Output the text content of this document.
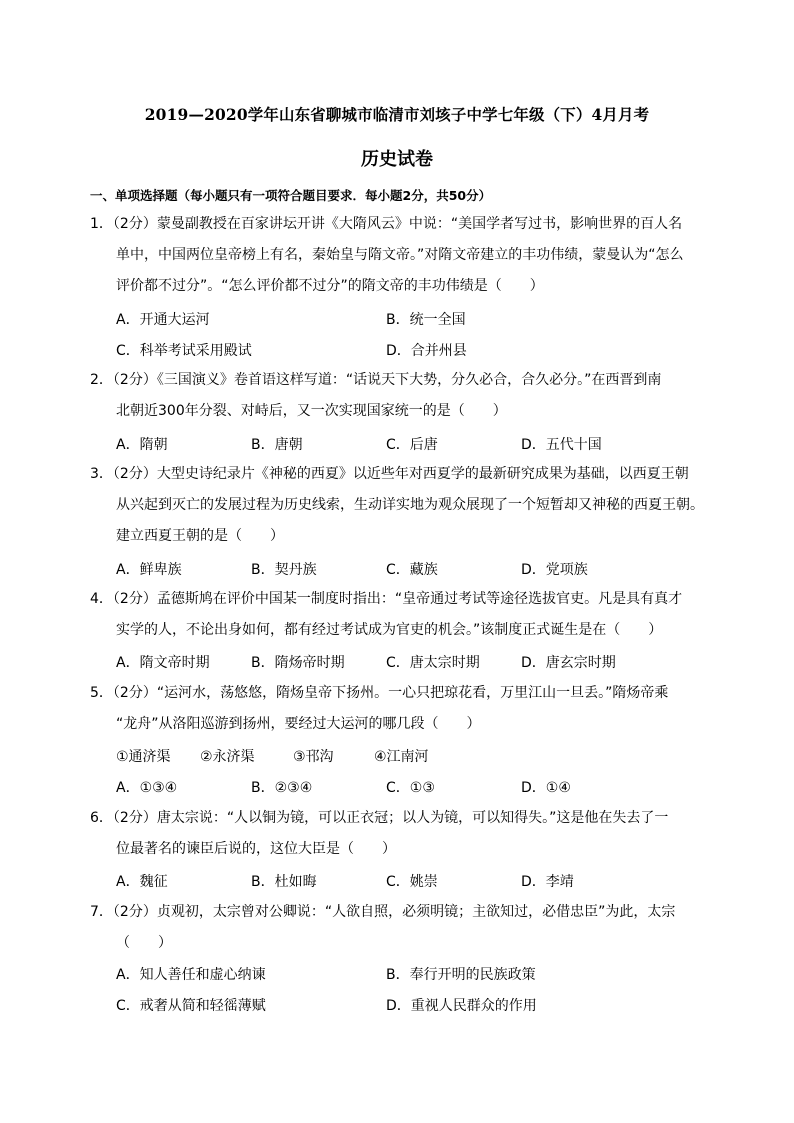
2019—2020学年山东省聊城市临清市刘垓子中学七年级（下）4月月考
历史试卷
一、单项选择题（每小题只有一项符合题目要求．每小题2分，共50分）
1．（2分）蒙曼副教授在百家讲坛开讲《大隋风云》中说：“美国学者写过书，影响世界的百人名
单中，中国两位皇帝榜上有名，秦始皇与隋文帝。”对隋文帝建立的丰功伟绩，蒙曼认为“怎么
评价都不过分”。“怎么评价都不过分”的隋文帝的丰功伟绩是（　　）
A．开通大运河	B．统一全国
C．科举考试采用殿试	D．合并州县
2．（2分）《三国演义》卷首语这样写道：“话说天下大势，分久必合，合久必分。”在西晋到南
北朝近300年分裂、对峙后，又一次实现国家统一的是（　　）
A．隋朝	B．唐朝	C．后唐	D．五代十国
3．（2分）大型史诗纪录片《神秘的西夏》以近些年对西夏学的最新研究成果为基础，以西夏王朝
从兴起到灭亡的发展过程为历史线索，生动详实地为观众展现了一个短暂却又神秘的西夏王朝。
建立西夏王朝的是（　　）
A．鲜卑族	B．契丹族	C．藏族	D．党项族
4．（2分）孟德斯鸠在评价中国某一制度时指出：“皇帝通过考试等途径选拔官吏。凡是具有真才
实学的人，不论出身如何，都有经过考试成为官吏的机会。”该制度正式诞生是在（　　）
A．隋文帝时期	B．隋炀帝时期	C．唐太宗时期	D．唐玄宗时期
5．（2分）“运河水，荡悠悠，隋炀皇帝下扬州。一心只把琼花看，万里江山一旦丢。”隋炀帝乘
“龙舟”从洛阳巡游到扬州，要经过大运河的哪几段（　　）
①通济渠 ②永济渠	③邗沟	④江南河
A．①③④	B．②③④	C．①③	D．①④
6．（2分）唐太宗说：“人以铜为镜，可以正衣冠；以人为镜，可以知得失。”这是他在失去了一
位最著名的谏臣后说的，这位大臣是（　　）
A．魏征	B．杜如晦	C．姚崇	D．李靖
7．（2分）贞观初，太宗曾对公卿说：“人欲自照，必须明镜；主欲知过，必借忠臣”为此，太宗
（　　）
A．知人善任和虚心纳谏	B．奉行开明的民族政策
C．戒奢从简和轻徭薄赋	D．重视人民群众的作用
